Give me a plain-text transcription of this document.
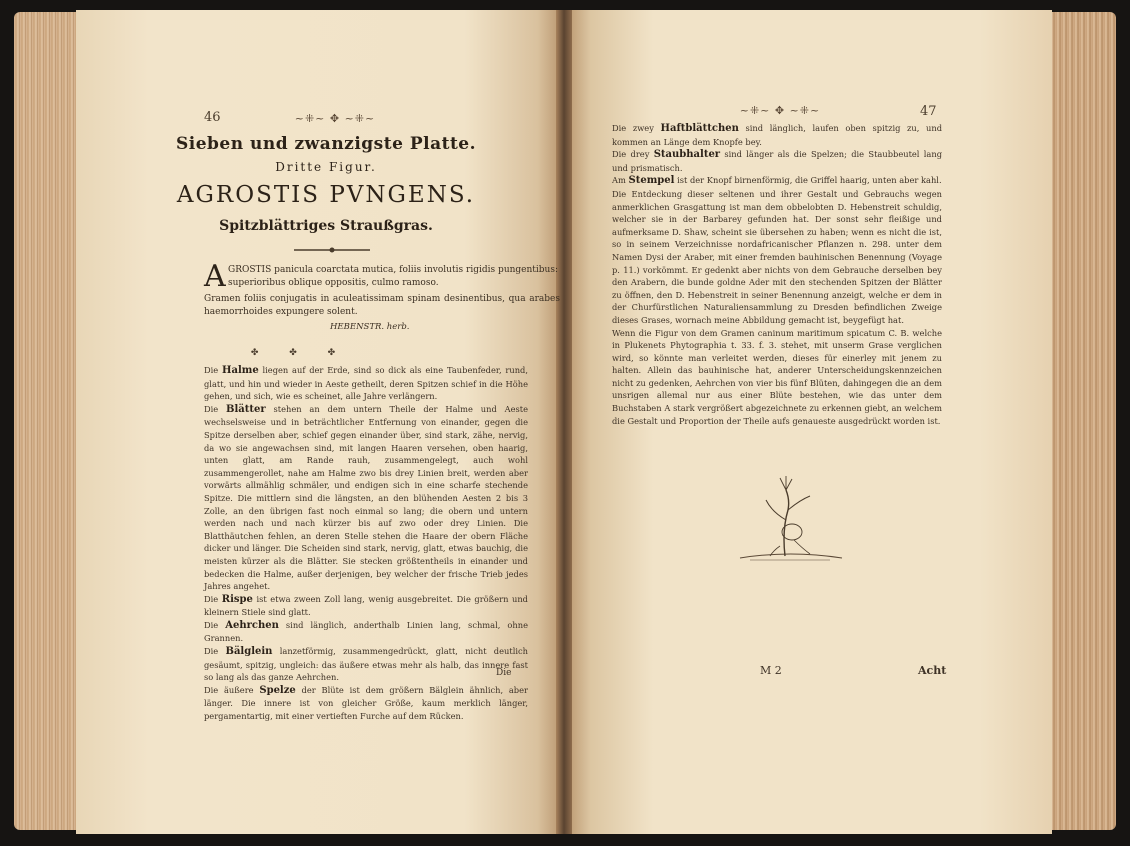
46	~⁜~ ✥ ~⁜~
Sieben und zwanzigste Platte.
Dritte Figur.
AGROSTIS PVNGENS.
Spitzblättriges Straußgras.
A GROSTIS panicula coarctata mutica, foliis involutis rigidis pungentibus: superioribus oblique oppositis, culmo ramoso.
Gramen foliis conjugatis in aculeatissimam spinam desinentibus, qua arabes haemorrhoides expungere solent.
HEBENSTR. herb.
✤ ✤ ✤

Die Halme liegen auf der Erde, sind so dick als eine Taubenfeder, rund, glatt, und hin und wieder in Aeste getheilt, deren Spitzen schief in die Höhe gehen, und sich, wie es scheinet, alle Jahre verlängern.

Die Blätter stehen an dem untern Theile der Halme und Aeste wechselsweise und in beträchtlicher Entfernung von einander, gegen die Spitze derselben aber, schief gegen einander über, sind stark, zähe, nervig, da wo sie angewachsen sind, mit langen Haaren versehen, oben haarig, unten glatt, am Rande rauh, zusammengelegt, auch wohl zusammengerollet, nahe am Halme zwo bis drey Linien breit, werden aber vorwärts allmählig schmäler, und endigen sich in eine scharfe stechende Spitze. Die mittlern sind die längsten, an den blühenden Aesten 2 bis 3 Zolle, an den übrigen fast noch einmal so lang; die obern und untern werden nach und nach kürzer bis auf zwo oder drey Linien. Die Blatthäutchen fehlen, an deren Stelle stehen die Haare der obern Fläche dicker und länger. Die Scheiden sind stark, nervig, glatt, etwas bauchig, die meisten kürzer als die Blätter. Sie stecken größtentheils in einander und bedecken die Halme, außer derjenigen, bey welcher der frische Trieb jedes Jahres angehet.

Die Rispe ist etwa zween Zoll lang, wenig ausgebreitet. Die größern und kleinern Stiele sind glatt.

Die Aehrchen sind länglich, anderthalb Linien lang, schmal, ohne Grannen.

Die Bälglein lanzetförmig, zusammengedrückt, glatt, nicht deutlich gesäumt, spitzig, ungleich: das äußere etwas mehr als halb, das innere fast so lang als das ganze Aehrchen.

Die äußere Spelze der Blüte ist dem größern Bälglein ähnlich, aber länger. Die innere ist von gleicher Größe, kaum merklich länger, pergamentartig, mit einer vertieften Furche auf dem Rücken.

Die
~⁜~ ✥ ~⁜~	47

Die zwey Haftblättchen sind länglich, laufen oben spitzig zu, und kommen an Länge dem Knopfe bey.

Die drey Staubhalter sind länger als die Spelzen; die Staubbeutel lang und prismatisch.

Am Stempel ist der Knopf birnenförmig, die Griffel haarig, unten aber kahl.

Die Entdeckung dieser seltenen und ihrer Gestalt und Gebrauchs wegen anmerklichen Grasgattung ist man dem obbelobten D. Hebenstreit schuldig, welcher sie in der Barbarey gefunden hat. Der sonst sehr fleißige und aufmerksame D. Shaw, scheint sie übersehen zu haben; wenn es nicht die ist, so in seinem Verzeichnisse nordafricanischer Pflanzen n. 298. unter dem Namen Dysi der Araber, mit einer fremden bauhinischen Benennung (Voyage p. 11.) vorkömmt. Er gedenkt aber nichts von dem Gebrauche derselben bey den Arabern, die bunde goldne Ader mit den stechenden Spitzen der Blätter zu öffnen, den D. Hebenstreit in seiner Benennung anzeigt, welche er dem in der Churfürstlichen Naturaliensammlung zu Dresden befindlichen Zweige dieses Grases, wornach meine Abbildung gemacht ist, beygefügt hat.

Wenn die Figur von dem Gramen caninum maritimum spicatum C. B. welche in Plukenets Phytographia t. 33. f. 3. stehet, mit unserm Grase verglichen wird, so könnte man verleitet werden, dieses für einerley mit jenem zu halten. Allein das bauhinische hat, anderer Unterscheidungskennzeichen nicht zu gedenken, Aehrchen von vier bis fünf Blüten, dahingegen die an dem unsrigen allemal nur aus einer Blüte bestehen, wie das unter dem Buchstaben A stark vergrößert abgezeichnete zu erkennen giebt, an welchem die Gestalt und Proportion der Theile aufs genaueste ausgedrückt worden ist.

M 2	Acht
